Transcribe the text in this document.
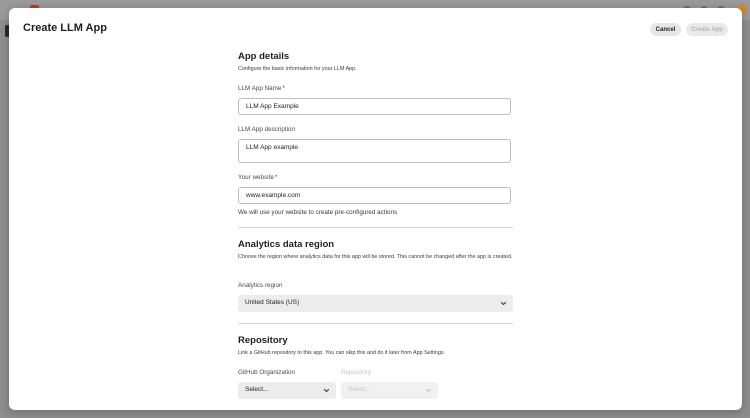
Create LLM App	Cancel	Create App
App details
Configure the basic information for your LLM App.
LLM App Name*
LLM App Example
LLM App description
LLM App example
Your website*
www.example.com
We will use your website to create pre-configured actions
Analytics data region
Choose the region where analytics data for this app will be stored. This cannot be changed after the app is created.
Analytics region
United States (US)
Repository
Link a GitHub repository to this app. You can skip this and do it later from App Settings.
GitHub Organization
Select...
Repository
Select...
